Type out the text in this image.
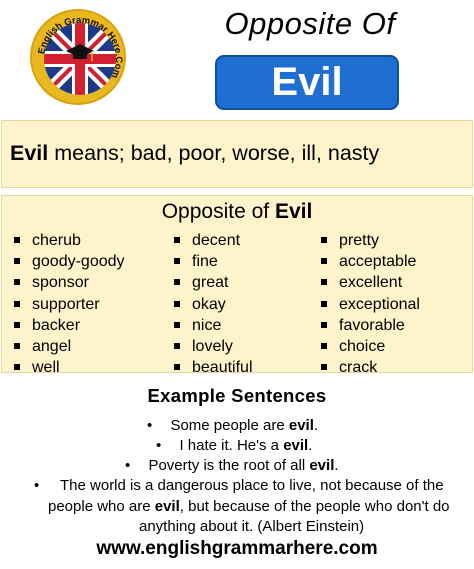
English Grammar Here.Com
Opposite Of
Evil
Evil means; bad, poor, worse, ill, nasty
Opposite of Evil
cherub
goody-goody
sponsor
supporter
backer
angel
well
decent
fine
great
okay
nice
lovely
beautiful
pretty
acceptable
excellent
exceptional
favorable
choice
crack
Example Sentences
• Some people are evil.
• I hate it. He's a evil.
• Poverty is the root of all evil.
• The world is a dangerous place to live, not because of the
people who are evil, but because of the people who don't do
anything about it. (Albert Einstein)
www.englishgrammarhere.com
